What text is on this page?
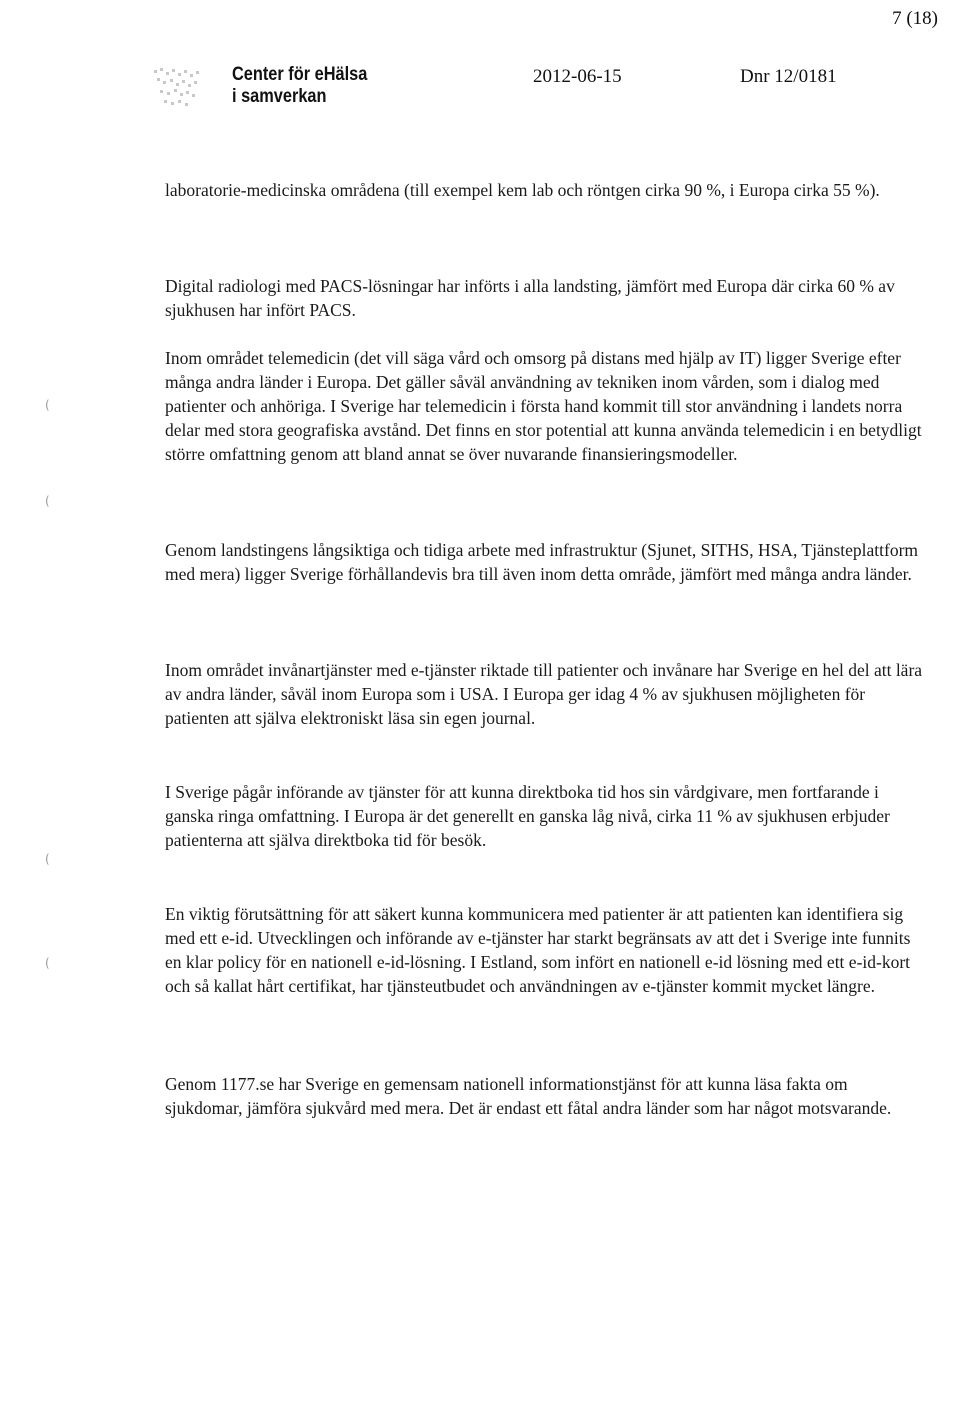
7 (18)
Center för eHälsa
i samverkan
2012-06-15	Dnr 12/0181
(
(
(
(

laboratorie-medicinska områdena (till exempel kem lab och röntgen cirka 90 %, i Europa cirka 55 %).

Digital radiologi med PACS-lösningar har införts i alla landsting, jämfört med Europa där cirka 60 % av sjukhusen har infört PACS.

Inom området telemedicin (det vill säga vård och omsorg på distans med hjälp av IT) ligger Sverige efter många andra länder i Europa. Det gäller såväl användning av tekniken inom vården, som i dialog med patienter och anhöriga. I Sverige har telemedicin i första hand kommit till stor användning i landets norra delar med stora geografiska avstånd. Det finns en stor potential att kunna använda telemedicin i en betydligt större omfattning genom att bland annat se över nuvarande finansieringsmodeller.

Genom landstingens långsiktiga och tidiga arbete med infrastruktur (Sjunet, SITHS, HSA, Tjänsteplattform med mera) ligger Sverige förhållandevis bra till även inom detta område, jämfört med många andra länder.

Inom området invånartjänster med e-tjänster riktade till patienter och invånare har Sverige en hel del att lära av andra länder, såväl inom Europa som i USA. I Europa ger idag 4 % av sjukhusen möjligheten för patienten att själva elektroniskt läsa sin egen journal.

I Sverige pågår införande av tjänster för att kunna direktboka tid hos sin vårdgivare, men fortfarande i ganska ringa omfattning. I Europa är det generellt en ganska låg nivå, cirka 11 % av sjukhusen erbjuder patienterna att själva direktboka tid för besök.

En viktig förutsättning för att säkert kunna kommunicera med patienter är att patienten kan identifiera sig med ett e-id. Utvecklingen och införande av e-tjänster har starkt begränsats av att det i Sverige inte funnits en klar policy för en nationell e-id-lösning. I Estland, som infört en nationell e-id lösning med ett e-id-kort och så kallat hårt certifikat, har tjänsteutbudet och användningen av e-tjänster kommit mycket längre.

Genom 1177.se har Sverige en gemensam nationell informationstjänst för att kunna läsa fakta om sjukdomar, jämföra sjukvård med mera. Det är endast ett fåtal andra länder som har något motsvarande.
